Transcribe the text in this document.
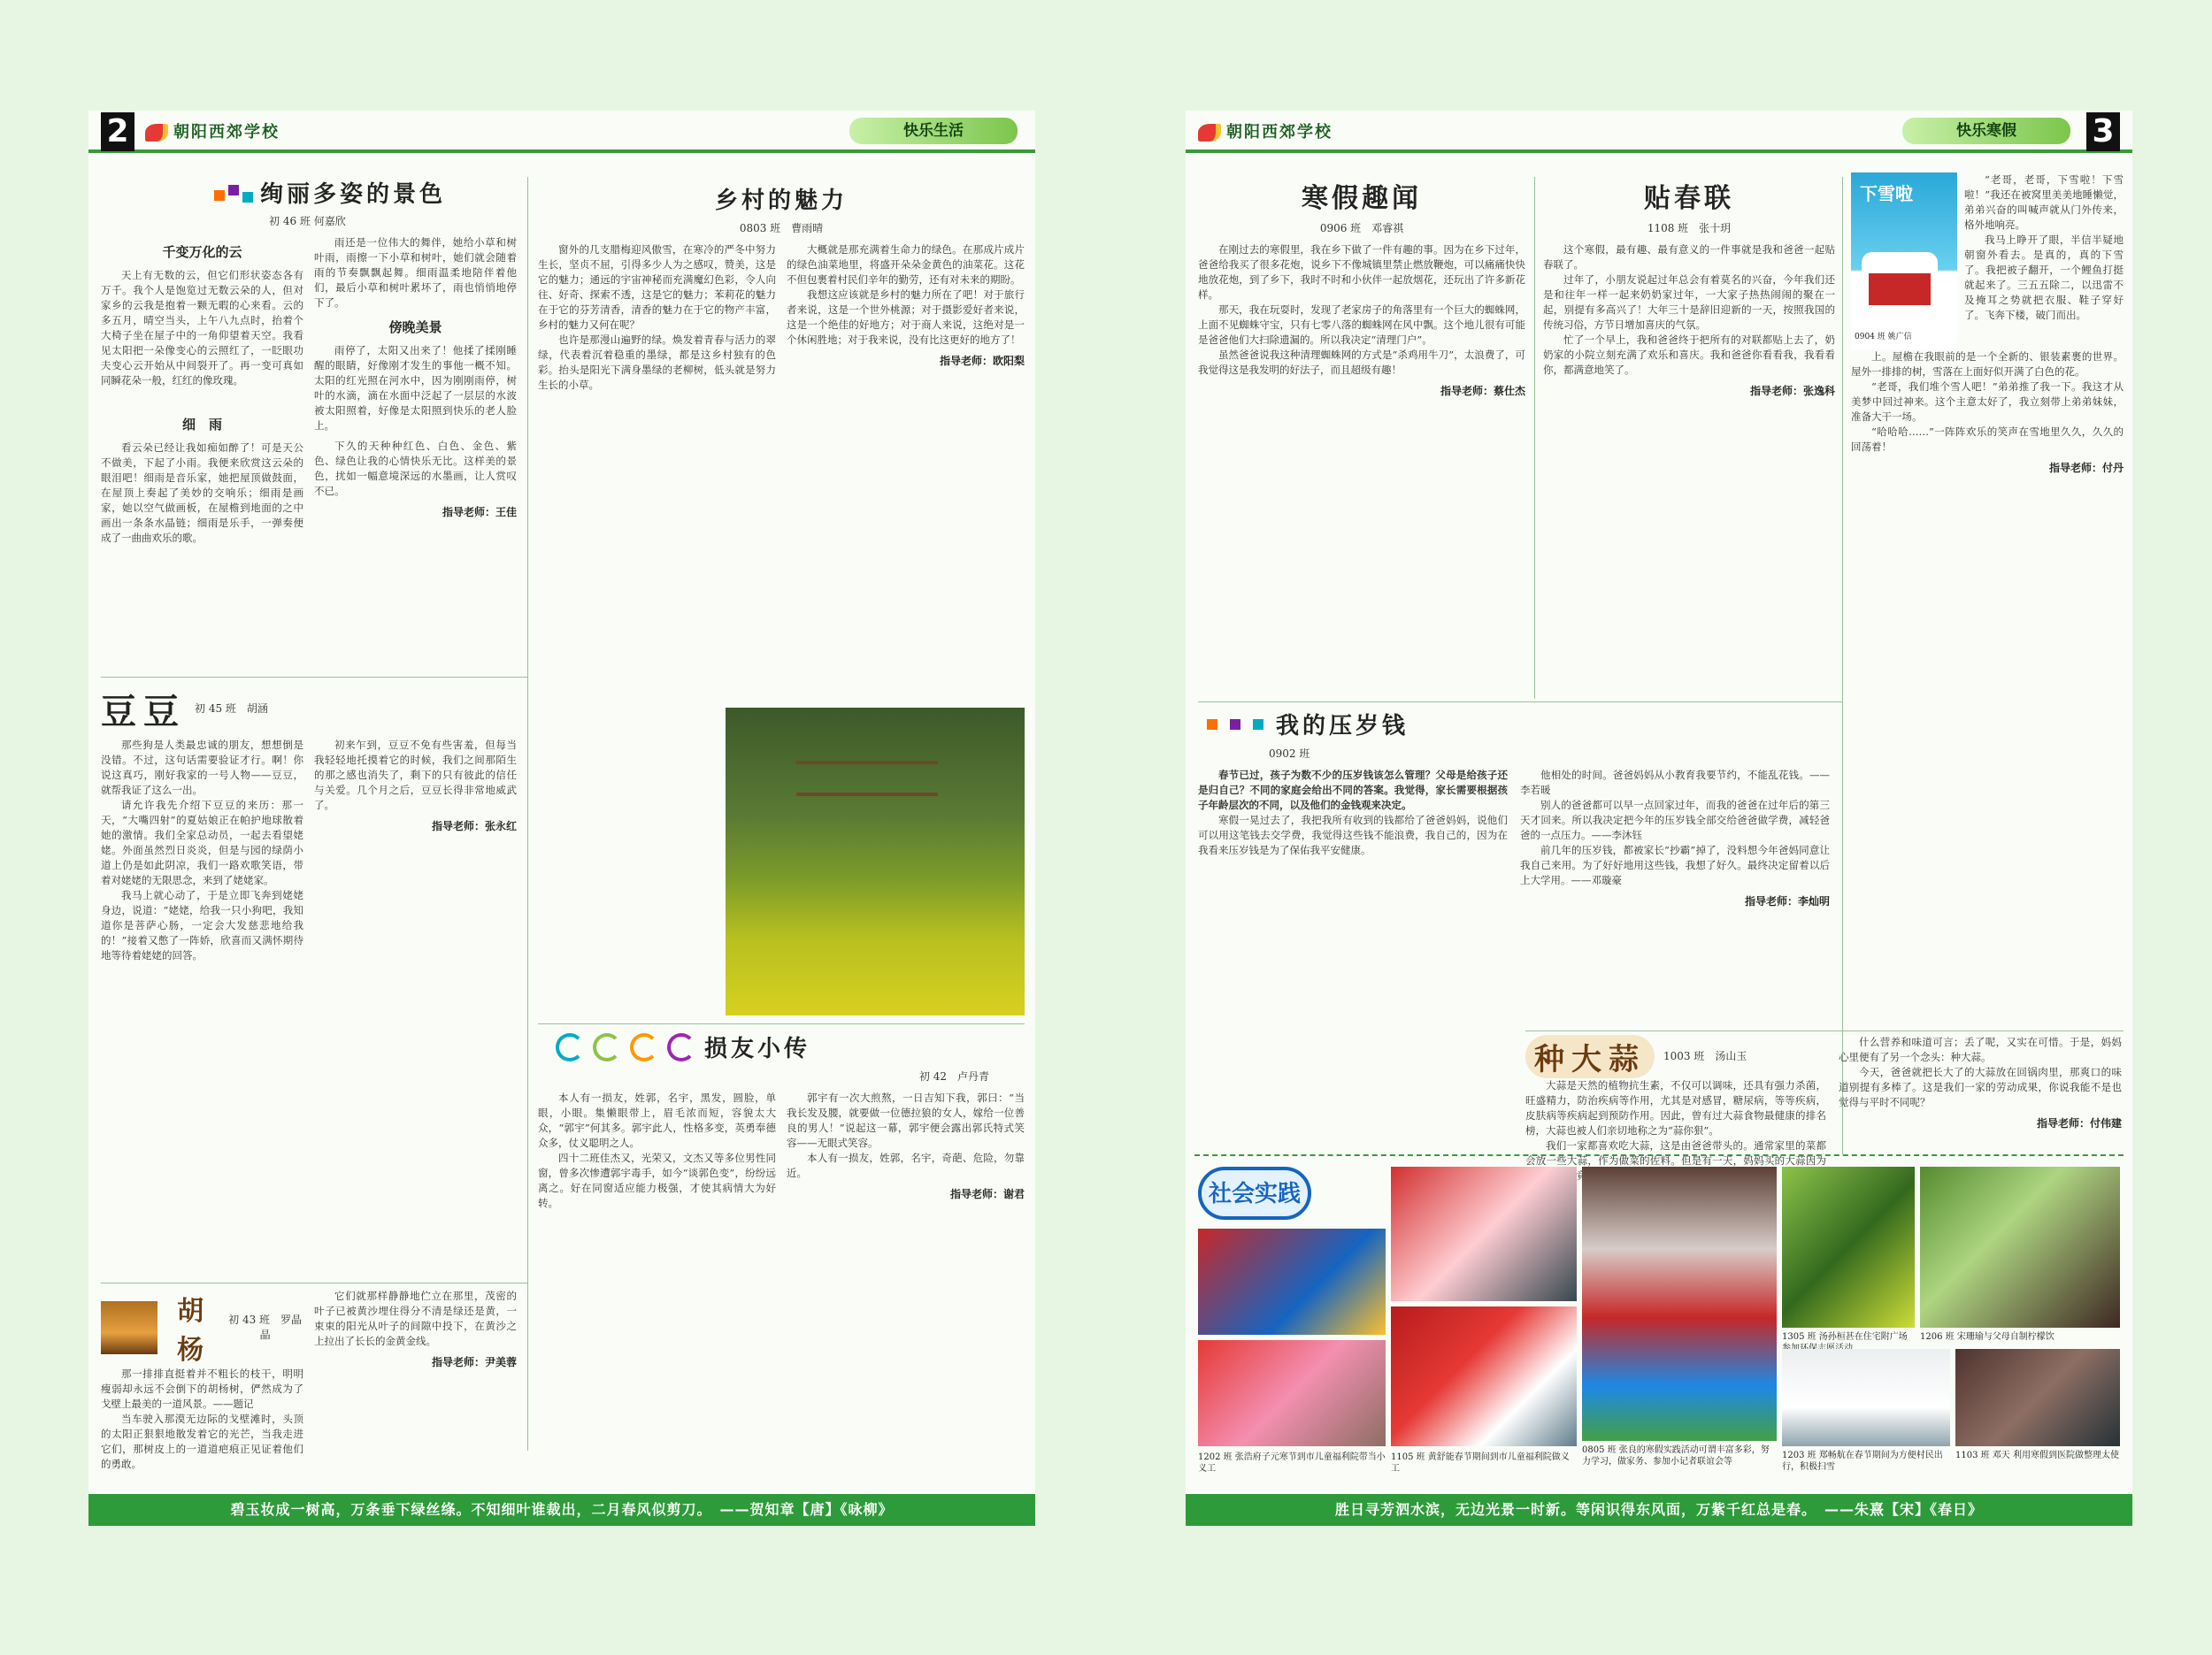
2	朝阳西郊学校	快乐生活
绚丽多姿的景色
初 46 班 何嘉欣
千变万化的云
天上有无数的云，但它们形状姿态各有万千。我个人是饱览过无数云朵的人，但对家乡的云我是抱着一颗无暇的心来看。云的多五月，晴空当头，上午八九点时，抬着个大椅子坐在屋子中的一角仰望着天空。我看见太阳把一朵像变心的云照红了，一眨眼功夫变心云开始从中间裂开了。再一变可真如同瞬花朵一般，红红的像玫瑰。
细　雨
看云朵已经让我如痴如醉了！可是天公不做美，下起了小雨。我便来欣赏这云朵的眼泪吧！细雨是音乐家，她把屋顶做鼓面，在屋顶上奏起了美妙的交响乐；细雨是画家，她以空气做画板，在屋檐到地面的之中画出一条条水晶链；细雨是乐手，一弹奏便成了一曲曲欢乐的歌。
雨还是一位伟大的舞伴，她给小草和树叶雨，雨擦一下小草和树叶，她们就会随着雨的节奏飘飘起舞。细雨温柔地陪伴着他们，最后小草和树叶累坏了，雨也悄悄地停下了。
傍晚美景
雨停了，太阳又出来了！他揉了揉刚睡醒的眼睛，好像刚才发生的事他一概不知。太阳的红光照在河水中，因为刚刚雨停，树叶的水滴，滴在水面中泛起了一层层的水波被太阳照着，好像是太阳照到快乐的老人脸上。
下久的天种种红色、白色、金色、紫色、绿色让我的心情快乐无比。这样美的景色，扰如一幅意境深远的水墨画，让人赏叹不已。
指导老师：王佳
乡村的魅力
0803 班　曹雨晴
窗外的几支腊梅迎风傲雪，在寒冷的严冬中努力生长，坚贞不屈，引得多少人为之感叹，赞美，这是它的魅力；通远的宇宙神秘而充满魔幻色彩，令人向往、好奇、探索不透，这是它的魅力；苯莉花的魅力在于它的芬芳清香，清香的魅力在于它的物产丰富，乡村的魅力又何在呢？
也许是那漫山遍野的绿。焕发着青春与活力的翠绿，代表着沉着稳重的墨绿，都是这乡村独有的色彩。抬头是阳光下满身墨绿的老柳树，低头就是努力生长的小草。
大概就是那充满着生命力的绿色。在那成片成片的绿色油菜地里，将盛开朵朵金黄色的油菜花。这花不但包裹着村民们辛年的勤劳，还有对未来的期盼。
我想这应该就是乡村的魅力所在了吧！对于旅行者来说，这是一个世外桃源；对于摄影爱好者来说，这是一个绝佳的好地方；对于商人来说，这绝对是一个休闲胜地；对于我来说，没有比这更好的地方了！
指导老师：欧阳梨
豆豆 初 45 班　胡涵
那些狗是人类最忠诚的朋友，想想倒是没错。不过，这句话需要验证才行。啊！你说这真巧，刚好我家的一号人物——豆豆，就帮我证了这么一出。
请允许我先介绍下豆豆的来历：那一天，“大嘴四射”的夏姑娘正在帕护地球散着她的激情。我们全家总动员，一起去看望姥姥。外面虽然烈日炎炎，但是与园的绿荫小道上仍是如此阴凉，我们一路欢歌笑语，带着对姥姥的无限思念，来到了姥姥家。
我马上就心动了，于是立即飞奔到姥姥身边，说道：“姥姥，给我一只小狗吧，我知道你是菩萨心肠，一定会大发慈悲地给我的！”接着又憋了一阵娇，欣喜而又满怀期待地等待着姥姥的回答。
初来乍到，豆豆不免有些害羞，但每当我轻轻地托摸着它的时候，我们之间那陌生的那之感也消失了，剩下的只有彼此的信任与关爱。几个月之后，豆豆长得非常地威武了。
指导老师：张永红
胡杨
初 43 班　罗晶晶
那一排排直挺着并不粗长的枝干，明明瘦弱却永远不会倒下的胡杨树，俨然成为了戈壁上最美的一道风景。——题记
当车驶入那漠无边际的戈壁滩时，头顶的太阳正狠狠地散发着它的光芒，当我走进它们，那树皮上的一道道疤痕正见证着他们的勇敢。
它们就那样静静地伫立在那里，茂密的叶子已被黄沙埋住得分不清是绿还是黄，一束束的阳光从叶子的间隙中投下，在黄沙之上拉出了长长的金黄金线。
指导老师：尹美蓉
损友小传
初 42　卢丹青
本人有一损友，姓郭，名宇，黑发，圆脸，单眼，小眼。集懒眼带上，眉毛浓而短，容貌太大众，“郭宇”何其多。郭宇此人，性格多变，英勇奉德众多，仗义聪明之人。
四十二班佳杰又，光荣又，文杰又等多位男性同窗，曾多次惨遭郭宇毒手，如今“谈郭色变”，纷纷远离之。好在同窗适应能力极强，才使其病情大为好转。
郭宇有一次大煎熬，一日吉知下我，郭曰：“当我长发及腰，就要做一位德拉狼的女人，嫁给一位善良的男人！”说起这一幕，郭宇便会露出郭氏特式笑容——无眼式笑容。
本人有一损友，姓郭，名宇，奇葩、危险，勿靠近。
指导老师：谢君
碧玉妆成一树高，万条垂下绿丝绦。不知细叶谁裁出，二月春风似剪刀。　——贺知章【唐】《咏柳》
朝阳西郊学校	快乐寒假	3
寒假趣闻
0906 班　邓睿祺
在刚过去的寒假里，我在乡下做了一件有趣的事。因为在乡下过年，爸爸给我买了很多花炮，说乡下不像城镇里禁止燃放鞭炮，可以痛痛快快地放花炮，到了乡下，我时不时和小伙伴一起放烟花，还玩出了许多新花样。
那天，我在玩耍时，发现了老家房子的角落里有一个巨大的蜘蛛网，上面不见蜘蛛守宝，只有七零八落的蜘蛛网在风中飘。这个地儿很有可能是爸爸他们大扫除遗漏的。所以我决定“清理门户”。
虽然爸爸说我这种清理蜘蛛网的方式是“杀鸡用牛刀”，太浪费了，可我觉得这是我发明的好法子，而且超级有趣！
指导老师：蔡仕杰
贴春联
1108 班　张十玥
这个寒假，最有趣、最有意义的一件事就是我和爸爸一起贴春联了。
过年了，小朋友说起过年总会有着莫名的兴奋，今年我们还是和往年一样一起来奶奶家过年，一大家子热热闹闹的聚在一起，别提有多高兴了！大年三十是辞旧迎新的一天，按照我国的传统习俗，方节日增加喜庆的气氛。
忙了一个早上，我和爸爸终于把所有的对联都贴上去了，奶奶家的小院立刻充满了欢乐和喜庆。我和爸爸你看看我，我看看你，都满意地笑了。
指导老师：张逸科
下雪啦
0904 班 姚广信
“老哥，老哥，下雪啦！下雪啦！”我还在被窝里美美地睡懒觉，弟弟兴奋的叫喊声就从门外传来，格外地响亮。
我马上睁开了眼，半信半疑地朝窗外看去。是真的，真的下雪了。我把被子翻开，一个鲤鱼打挺就起来了。三五五除二，以迅雷不及掩耳之势就把衣服、鞋子穿好了。飞奔下楼，破门而出。
上。屋檐在我眼前的是一个全新的、银装素裹的世界。屋外一排排的树，雪落在上面好似开满了白色的花。
“老哥，我们堆个雪人吧！”弟弟推了我一下。我这才从美梦中回过神来。这个主意太好了，我立刻带上弟弟妹妹，准备大干一场。
“哈哈哈……”一阵阵欢乐的笑声在雪地里久久，久久的回荡着！
指导老师：付丹
我的压岁钱
0902 班
春节已过，孩子为数不少的压岁钱该怎么管理？父母是给孩子还是归自己？不同的家庭会给出不同的答案。我觉得，家长需要根据孩子年龄层次的不同，以及他们的金钱观来决定。
寒假一晃过去了，我把我所有收到的钱都给了爸爸妈妈，说他们可以用这笔钱去交学费，我觉得这些钱不能浪费，我自己的，因为在我看来压岁钱是为了保佑我平安健康。
他相处的时间。爸爸妈妈从小教育我要节约，不能乱花钱。——李若暖
别人的爸爸都可以早一点回家过年，而我的爸爸在过年后的第三天才回来。所以我决定把今年的压岁钱全部交给爸爸做学费，减轻爸爸的一点压力。——李沐钰
前几年的压岁钱，都被家长“抄霸”掉了，没料想今年爸妈同意让我自己来用。为了好好地用这些钱，我想了好久。最终决定留着以后上大学用。——邓璇豪
指导老师：李灿明
种大蒜	1003 班　汤山玉
大蒜是天然的植物抗生素，不仅可以调味，还具有强力杀菌，旺盛精力，防治疾病等作用，尤其是对感冒，糖尿病，等等疾病，皮肤病等疾病起到预防作用。因此，曾有过大蒜食物最健康的排名榜，大蒜也被人们亲切地称之为“蒜你狠”。
我们一家都喜欢吃大蒜，这是由爸爸带头的。通常家里的菜都会放一些大蒜，作为做菜的佐料。但是有一天，妈妈买的大蒜因为
什么营养和味道可言；丢了呢，又实在可惜。于是，妈妈心里便有了另一个念头：种大蒜。
今天，爸爸就把长大了的大蒜放在回锅肉里，那爽口的味道别提有多棒了。这是我们一家的劳动成果，你说我能不是也觉得与平时不同呢？
指导老师：付伟建
社会实践
1202 班 张浩府子元寒节到市儿童福利院带当小义工
1105 班 黄舒能春节期间到市儿童福利院做义工
0805 班 张良的寒假实践活动可谓丰富多彩，努力学习，做家务、参加小记者联谊会等
1305 班 汤孙桓甚在住宅附广场	1206 班 宋珊瑜与父母自制柠檬饮
1203 班 郑畅航在春节期间为方便村民出行，积极扫雪
1103 班 邓天 利用寒假到医院做整理太使
胜日寻芳泗水滨，无边光景一时新。等闲识得东风面，万紫千红总是春。　——朱熹【宋】《春日》
